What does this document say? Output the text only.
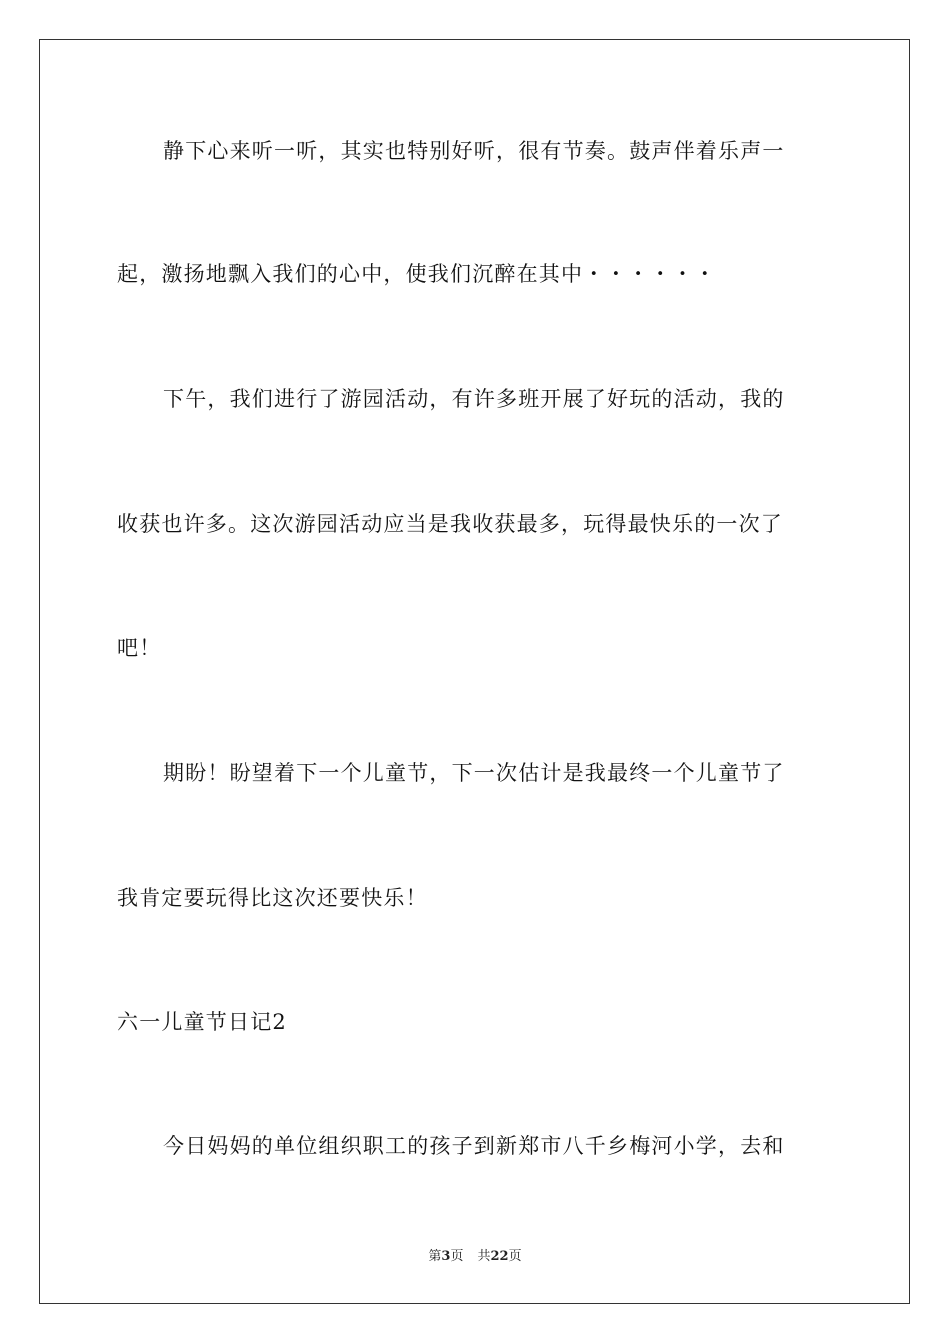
静下心来听一听，其实也特别好听，很有节奏。鼓声伴着乐声一
起，激扬地飘入我们的心中，使我们沉醉在其中・・・・・・
下午，我们进行了游园活动，有许多班开展了好玩的活动，我的
收获也许多。这次游园活动应当是我收获最多，玩得最快乐的一次了
吧！
期盼！盼望着下一个儿童节，下一次估计是我最终一个儿童节了
我肯定要玩得比这次还要快乐！
六一儿童节日记2
今日妈妈的单位组织职工的孩子到新郑市八千乡梅河小学，去和
第3页 共22页
